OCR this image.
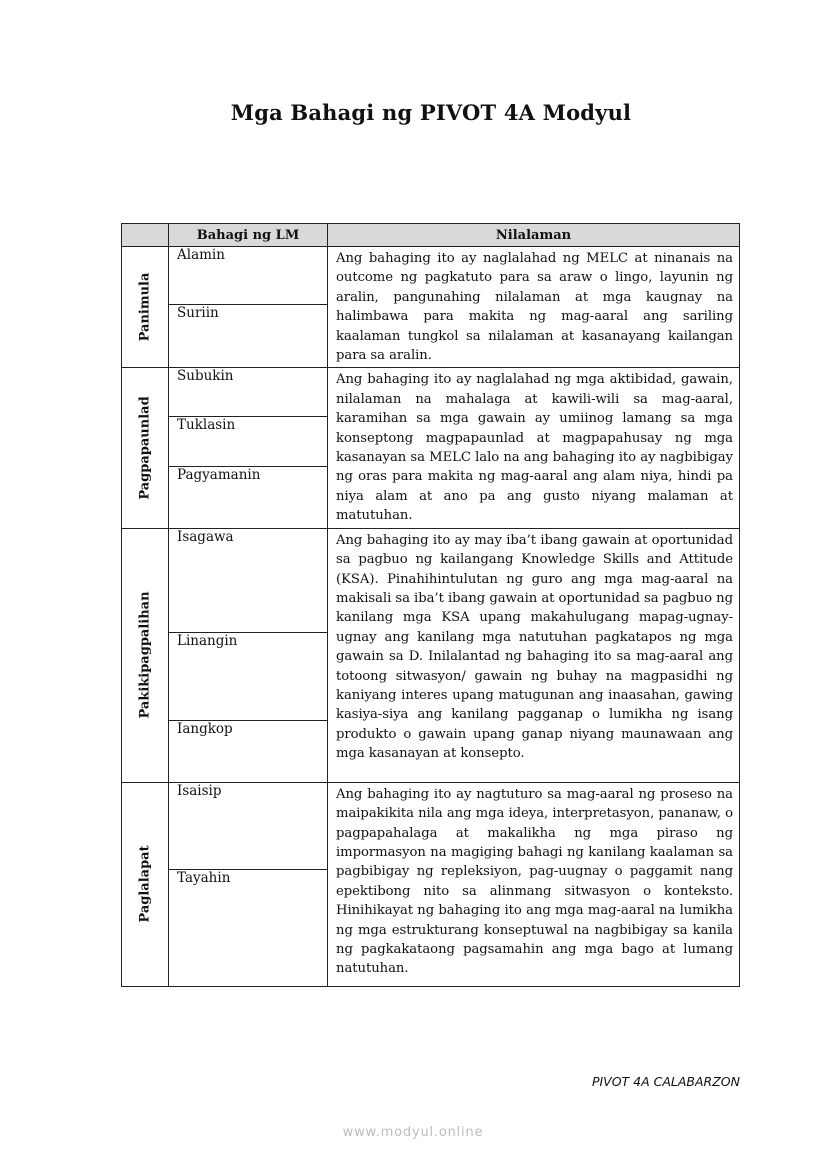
Mga Bahagi ng PIVOT 4A Modyul
	Bahagi ng LM	Nilalaman

Panimula	Alamin	Ang bahaging ito ay naglalahad ng MELC at ninanais na outcome ng pagkatuto para sa araw o lingo, layunin ng aralin, pangunahing nilalaman at mga kaugnay na halimbawa para makita ng mag-aaral ang sariling kaalaman tungkol sa nilalaman at kasanayang kailangan para sa aralin.
	Suriin	

Pagpapaunlad	Subukin	Ang bahaging ito ay naglalahad ng mga aktibidad, gawain, nilalaman na mahalaga at kawili-wili sa mag-aaral, karamihan sa mga gawain ay umiinog lamang sa mga konseptong magpapaunlad at magpapahusay ng mga kasanayan sa MELC lalo na ang bahaging ito ay nagbibigay ng oras para makita ng mag-aaral ang alam niya, hindi pa niya alam at ano pa ang gusto niyang malaman at matutuhan.
	Tuklasin	
	Pagyamanin	

Pakikipagpalihan	Isagawa	Ang bahaging ito ay may iba’t ibang gawain at oportunidad sa pagbuo ng kailangang Knowledge Skills and Attitude (KSA). Pinahihintulutan ng guro ang mga mag-aaral na makisali sa iba’t ibang gawain at oportunidad sa pagbuo ng kanilang mga KSA upang makahulugang mapag-ugnay-ugnay ang kanilang mga natutuhan pagkatapos ng mga gawain sa D. Inilalantad ng bahaging ito sa mag-aaral ang totoong sitwasyon/ gawain ng buhay na magpasidhi ng kaniyang interes upang matugunan ang inaasahan, gawing kasiya-siya ang kanilang pagganap o lumikha ng isang produkto o gawain upang ganap niyang maunawaan ang mga kasanayan at konsepto.
	Linangin	
	Iangkop	

Paglalapat	Isaisip	Ang bahaging ito ay nagtuturo sa mag-aaral ng proseso na maipakikita nila ang mga ideya, interpretasyon, pananaw, o pagpapahalaga at makalikha ng mga piraso ng impormasyon na magiging bahagi ng kanilang kaalaman sa pagbibigay ng repleksiyon, pag-uugnay o paggamit nang epektibong nito sa alinmang sitwasyon o konteksto. Hinihikayat ng bahaging ito ang mga mag-aaral na lumikha ng mga estrukturang konseptuwal na nagbibigay sa kanila ng pagkakataong pagsamahin ang mga bago at lumang natutuhan.
	Tayahin	
PIVOT 4A CALABARZON
www.modyul.online
